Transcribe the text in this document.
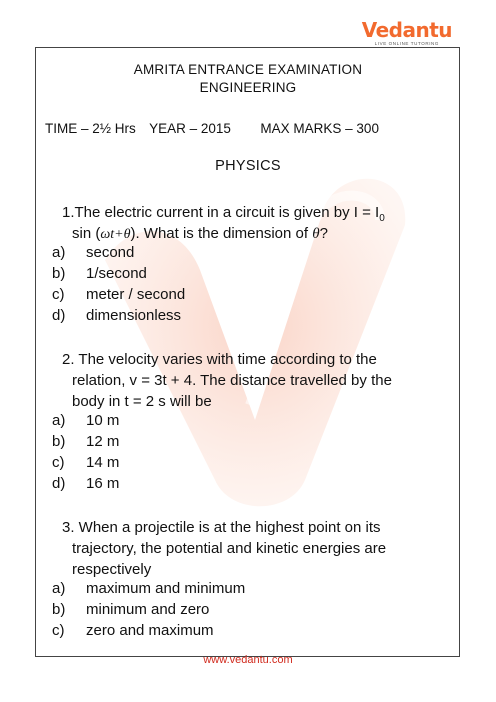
Vedantu
LIVE ONLINE TUTORING
AMRITA ENTRANCE EXAMINATION
ENGINEERING
TIME – 2½ Hrs YEAR – 2015 MAX MARKS – 300
PHYSICS
1.The electric current in a circuit is given by $I = I_0$
sin (ωt+θ). What is the dimension of θ?
a) second
b) 1/second
c) meter / second
d) dimensionless
2. The velocity varies with time according to the
relation, v = 3t + 4. The distance travelled by the
body in t = 2 s will be
a) 10 m
b) 12 m
c) 14 m
d) 16 m
3. When a projectile is at the highest point on its
trajectory, the potential and kinetic energies are
respectively
a) maximum and minimum
b) minimum and zero
c) zero and maximum
www.vedantu.com
